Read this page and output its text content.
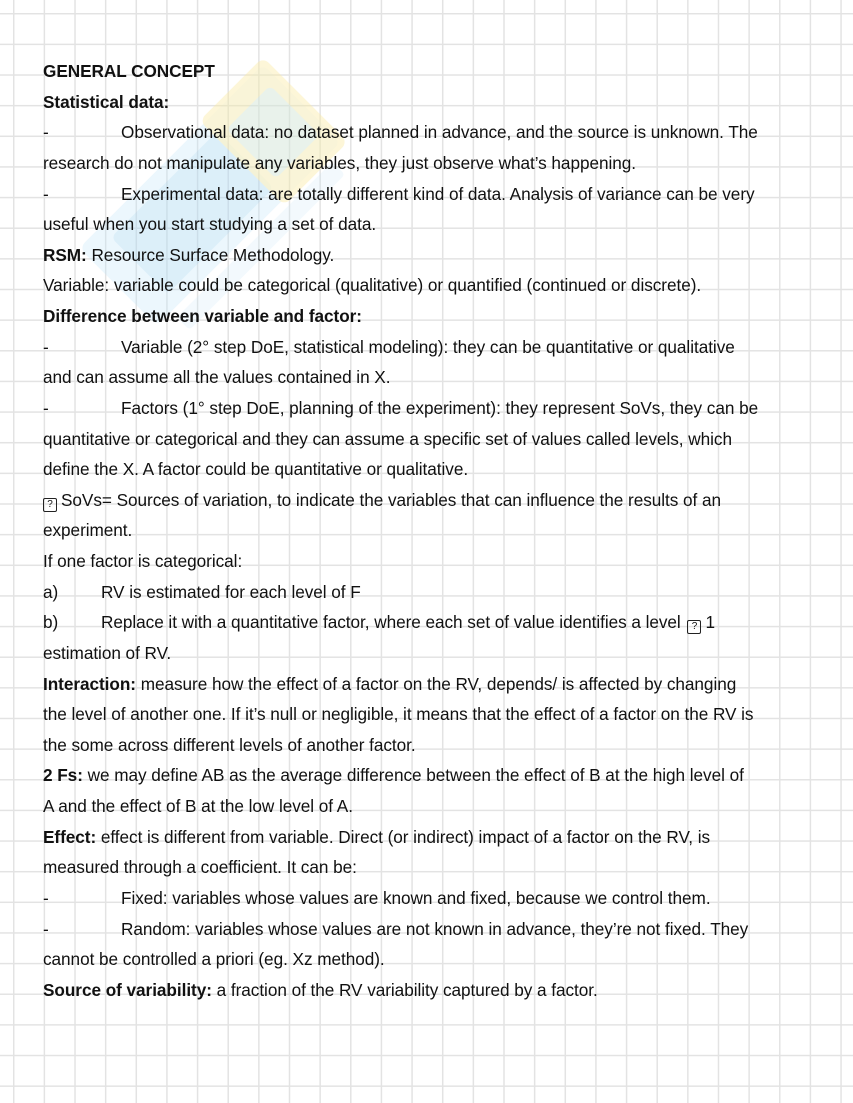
GENERAL CONCEPT
Statistical data:
-	Observational data: no dataset planned in advance, and the source is unknown. The
research do not manipulate any variables, they just observe what’s happening.
-	Experimental data: are totally different kind of data. Analysis of variance can be very
useful when you start studying a set of data.
RSM: Resource Surface Methodology.
Variable: variable could be categorical (qualitative) or quantified (continued or discrete).
Difference between variable and factor:
-	Variable (2° step DoE, statistical modeling): they can be quantitative or qualitative
and can assume all the values contained in X.
-	Factors (1° step DoE, planning of the experiment): they represent SoVs, they can be
quantitative or categorical and they can assume a specific set of values called levels, which
define the X. A factor could be quantitative or qualitative.
? SoVs= Sources of variation, to indicate the variables that can influence the results of an
experiment.
If one factor is categorical:
a) RV is estimated for each level of F
b) Replace it with a quantitative factor, where each set of value identifies a level ? 1
estimation of RV.
Interaction: measure how the effect of a factor on the RV, depends/ is affected by changing
the level of another one. If it’s null or negligible, it means that the effect of a factor on the RV is
the some across different levels of another factor.
2 Fs: we may define AB as the average difference between the effect of B at the high level of
A and the effect of B at the low level of A.
Effect: effect is different from variable. Direct (or indirect) impact of a factor on the RV, is
measured through a coefficient. It can be:
-	Fixed: variables whose values are known and fixed, because we control them.
-	Random: variables whose values are not known in advance, they’re not fixed. They
cannot be controlled a priori (eg. Xz method).
Source of variability: a fraction of the RV variability captured by a factor.
